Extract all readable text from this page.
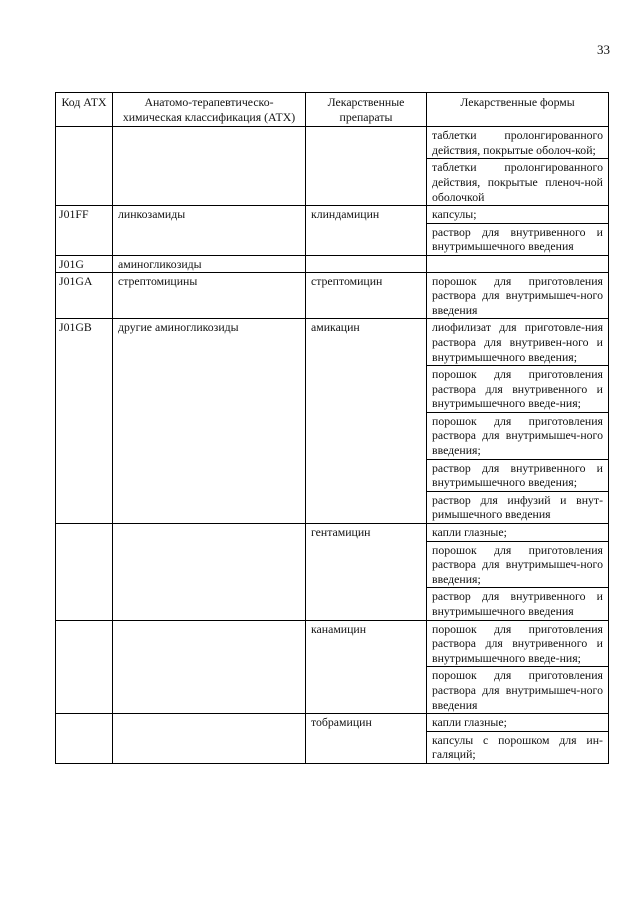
33
Код АТХ	Анатомо-терапевтическо-химическая классификация (АТХ)	Лекарственные препараты	Лекарственные формы

			таблетки пролонгированного действия, покрытые оболоч-кой;
таблетки пролонгированного действия, покрытые пленоч-ной оболочкой

J01FF	линкозамиды	клиндамицин	капсулы;
раствор для внутривенного и внутримышечного введения

J01G	аминогликозиды		
J01GA	стрептомицины	стрептомицин	порошок для приготовления раствора для внутримышеч-ного введения

J01GB	другие аминогликозиды	амикацин	лиофилизат для приготовле-ния раствора для внутривен-ного и внутримышечного введения;
порошок для приготовления раствора для внутривенного и внутримышечного введе-ния;
порошок для приготовления раствора для внутримышеч-ного введения;
раствор для внутривенного и внутримышечного введения;
раствор для инфузий и внут-римышечного введения

		гентамицин	капли глазные;
порошок для приготовления раствора для внутримышеч-ного введения;
раствор для внутривенного и внутримышечного введения

		канамицин	порошок для приготовления раствора для внутривенного и внутримышечного введе-ния;
порошок для приготовления раствора для внутримышеч-ного введения

		тобрамицин	капли глазные;
капсулы с порошком для ин-галяций;
